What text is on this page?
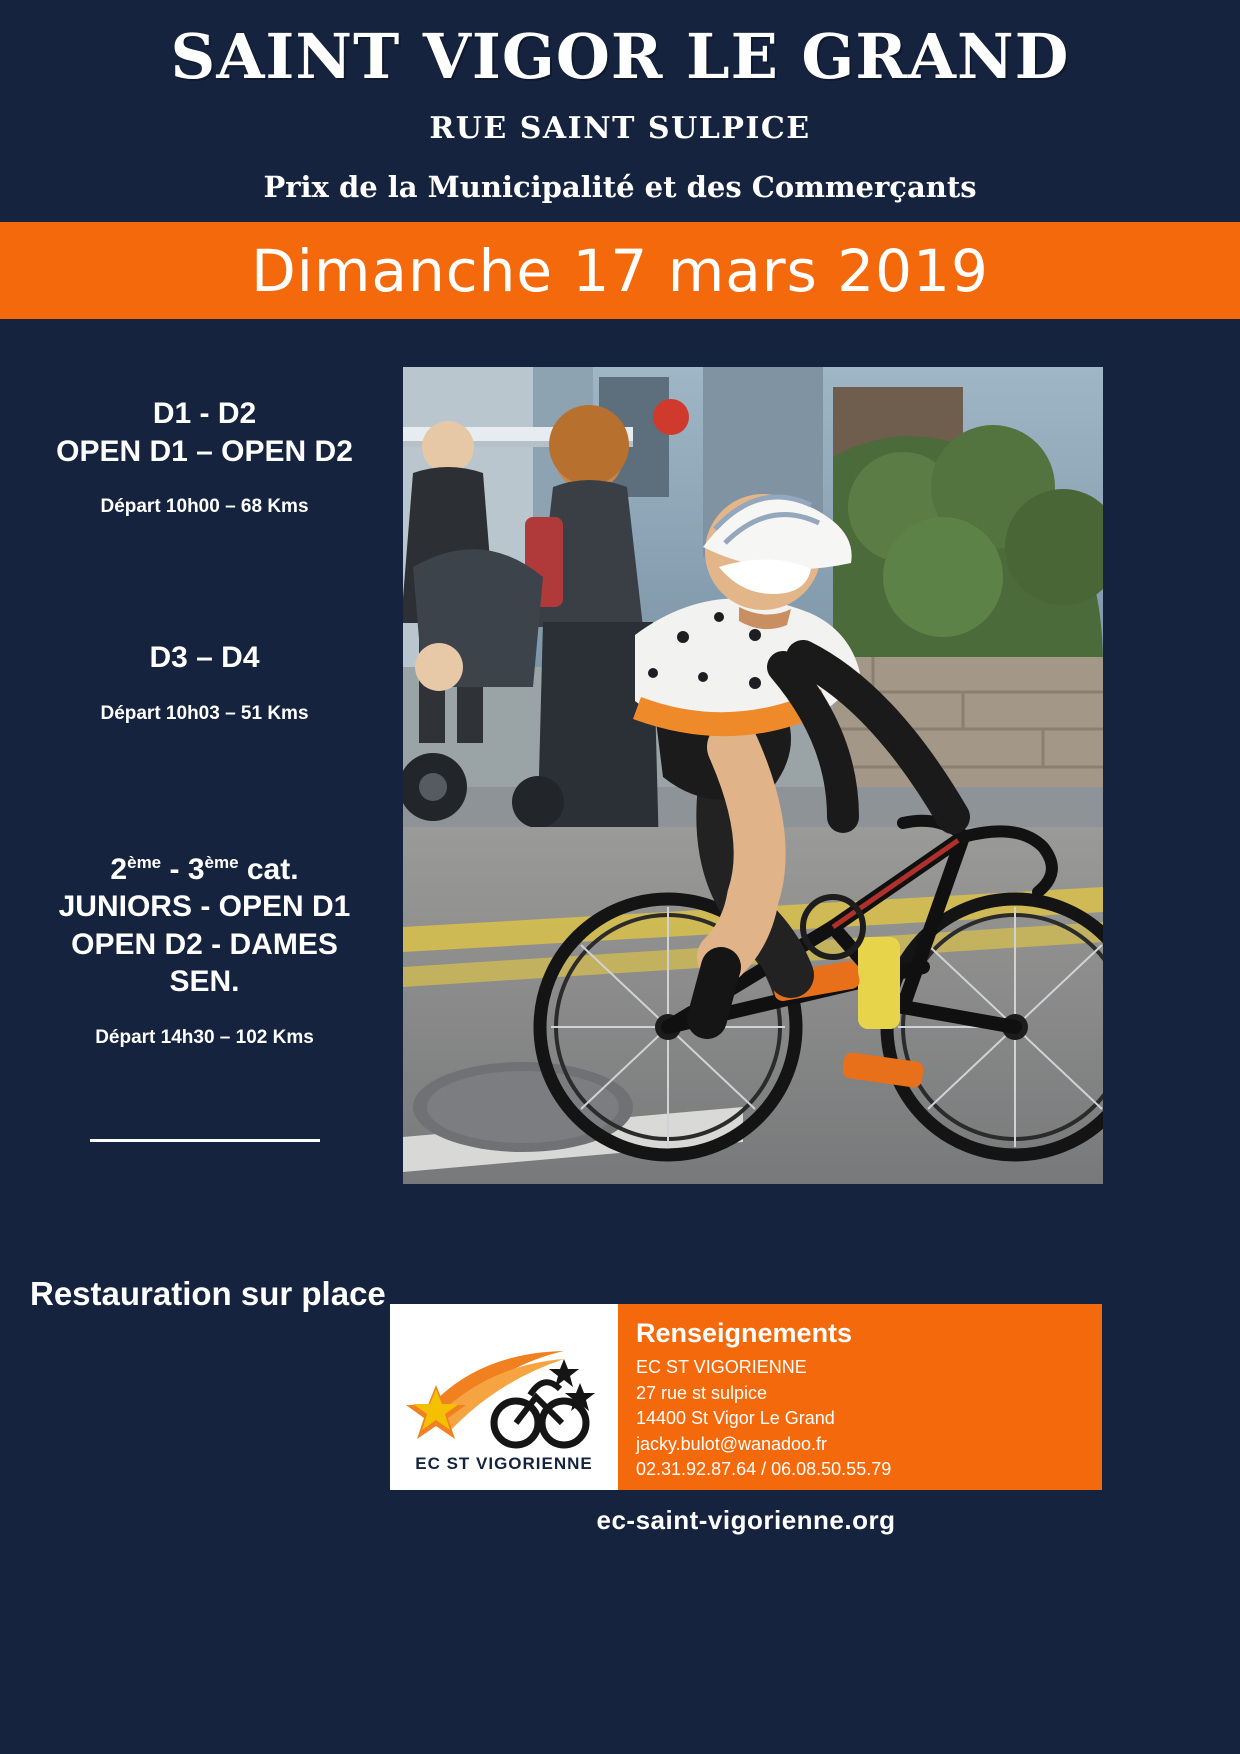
SAINT VIGOR LE GRAND
RUE SAINT SULPICE
Prix de la Municipalité et des Commerçants
Dimanche 17 mars 2019
D1 - D2
OPEN D1 – OPEN D2
Départ 10h00 – 68 Kms
D3 – D4
Départ 10h03 – 51 Kms
2ème - 3ème cat.
JUNIORS - OPEN D1
OPEN D2 - DAMES
SEN.
Départ 14h30 – 102 Kms
Restauration sur place
EC ST VIGORIENNE
Renseignements
EC ST VIGORIENNE
27 rue st sulpice
14400 St Vigor Le Grand
jacky.bulot@wanadoo.fr
02.31.92.87.64 / 06.08.50.55.79
ec-saint-vigorienne.org
